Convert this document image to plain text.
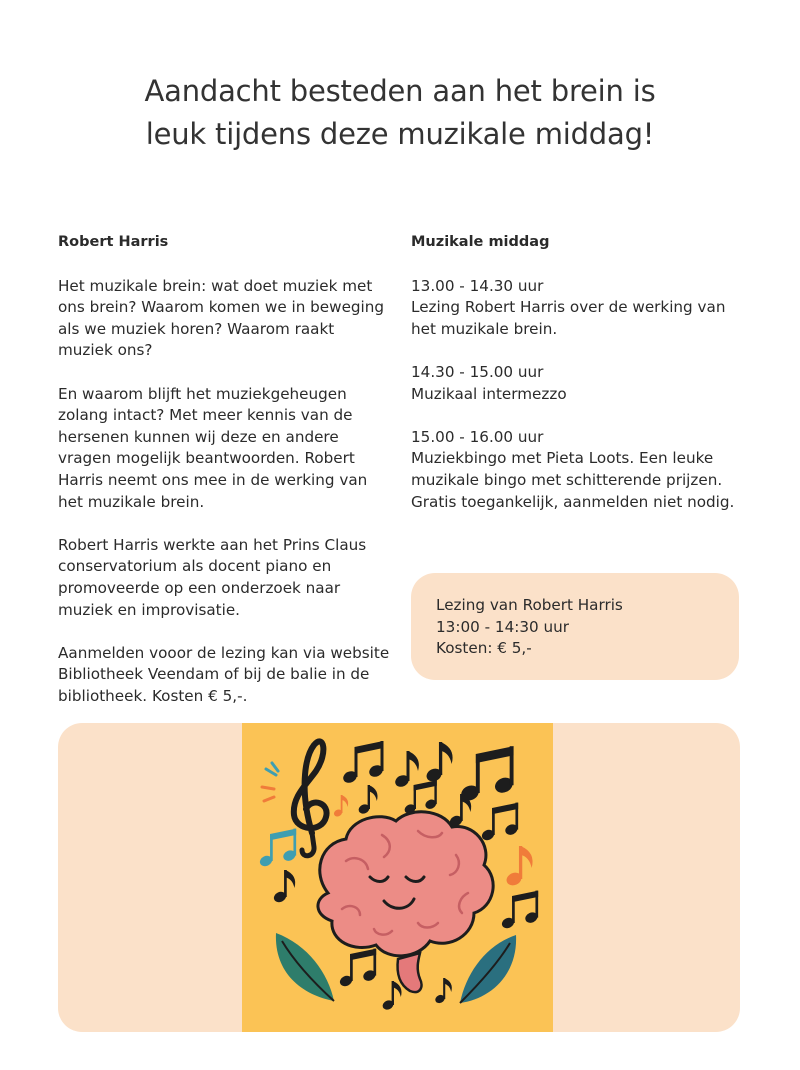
Aandacht besteden aan het brein is
leuk tijdens deze muzikale middag!
Robert Harris
Het muzikale brein: wat doet muziek met
ons brein? Waarom komen we in beweging
als we muziek horen? Waarom raakt
muziek ons?
En waarom blijft het muziekgeheugen
zolang intact? Met meer kennis van de
hersenen kunnen wij deze en andere
vragen mogelijk beantwoorden. Robert
Harris neemt ons mee in de werking van
het muzikale brein.
Robert Harris werkte aan het Prins Claus
conservatorium als docent piano en
promoveerde op een onderzoek naar
muziek en improvisatie.
Aanmelden vooor de lezing kan via website
Bibliotheek Veendam of bij de balie in de
bibliotheek. Kosten € 5,-.
Muzikale middag
13.00 - 14.30 uur
Lezing Robert Harris over de werking van
het muzikale brein.
14.30 - 15.00 uur
Muzikaal intermezzo
15.00 - 16.00 uur
Muziekbingo met Pieta Loots. Een leuke
muzikale bingo met schitterende prijzen.
Gratis toegankelijk, aanmelden niet nodig.
Lezing van Robert Harris
13:00 - 14:30 uur
Kosten: € 5,-
